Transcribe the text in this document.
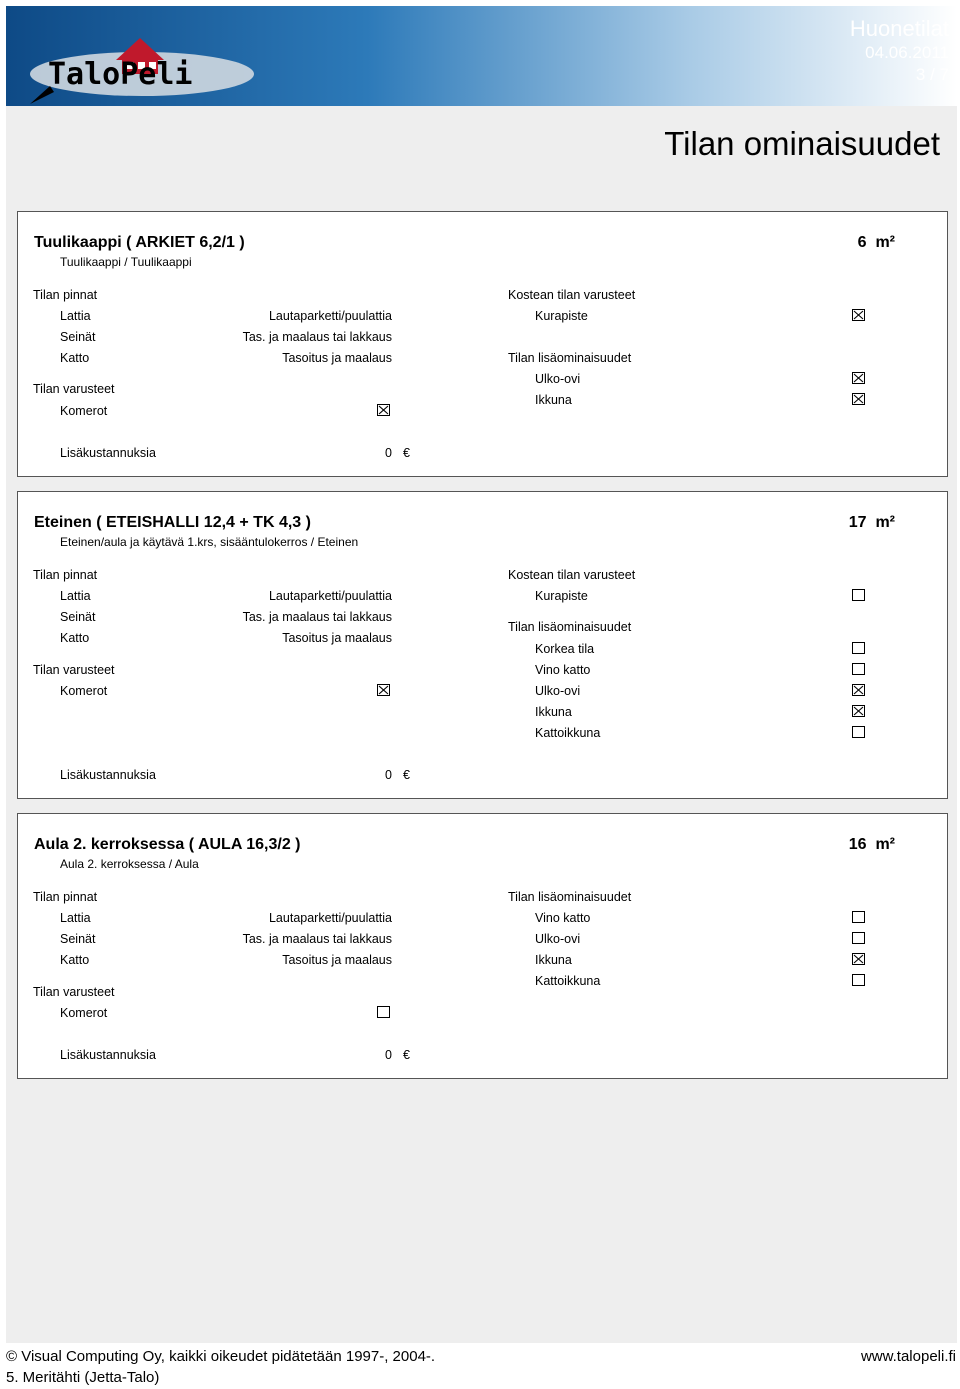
TaloPeli
Huonetilat
04.06.2011
3 / 7
Tilan ominaisuudet
Tuulikaappi ( ARKIET 6,2/1 )
Tuulikaappi / Tuulikaappi
6 m²
Tilan pinnat
Lattia	Lautaparketti/puulattia
Seinät	Tas. ja maalaus tai lakkaus
Katto	Tasoitus ja maalaus
Tilan varusteet
Komerot
Kostean tilan varusteet
Kurapiste
Tilan lisäominaisuudet
Ulko-ovi
Ikkuna
Lisäkustannuksia	0 €
Eteinen ( ETEISHALLI 12,4 + TK 4,3 )
Eteinen/aula ja käytävä 1.krs, sisääntulokerros / Eteinen
17 m²
Tilan pinnat
Lattia	Lautaparketti/puulattia
Seinät	Tas. ja maalaus tai lakkaus
Katto	Tasoitus ja maalaus
Tilan varusteet
Komerot
Kostean tilan varusteet
Kurapiste
Tilan lisäominaisuudet
Korkea tila
Vino katto
Ulko-ovi
Ikkuna
Kattoikkuna
Lisäkustannuksia	0 €
Aula 2. kerroksessa ( AULA 16,3/2 )
Aula 2. kerroksessa / Aula
16 m²
Tilan pinnat
Lattia	Lautaparketti/puulattia
Seinät	Tas. ja maalaus tai lakkaus
Katto	Tasoitus ja maalaus
Tilan varusteet
Komerot
Tilan lisäominaisuudet
Vino katto
Ulko-ovi
Ikkuna
Kattoikkuna
Lisäkustannuksia	0 €
© Visual Computing Oy, kaikki oikeudet pidätetään 1997-, 2004-.	www.talopeli.fi
5. Meritähti (Jetta-Talo)
